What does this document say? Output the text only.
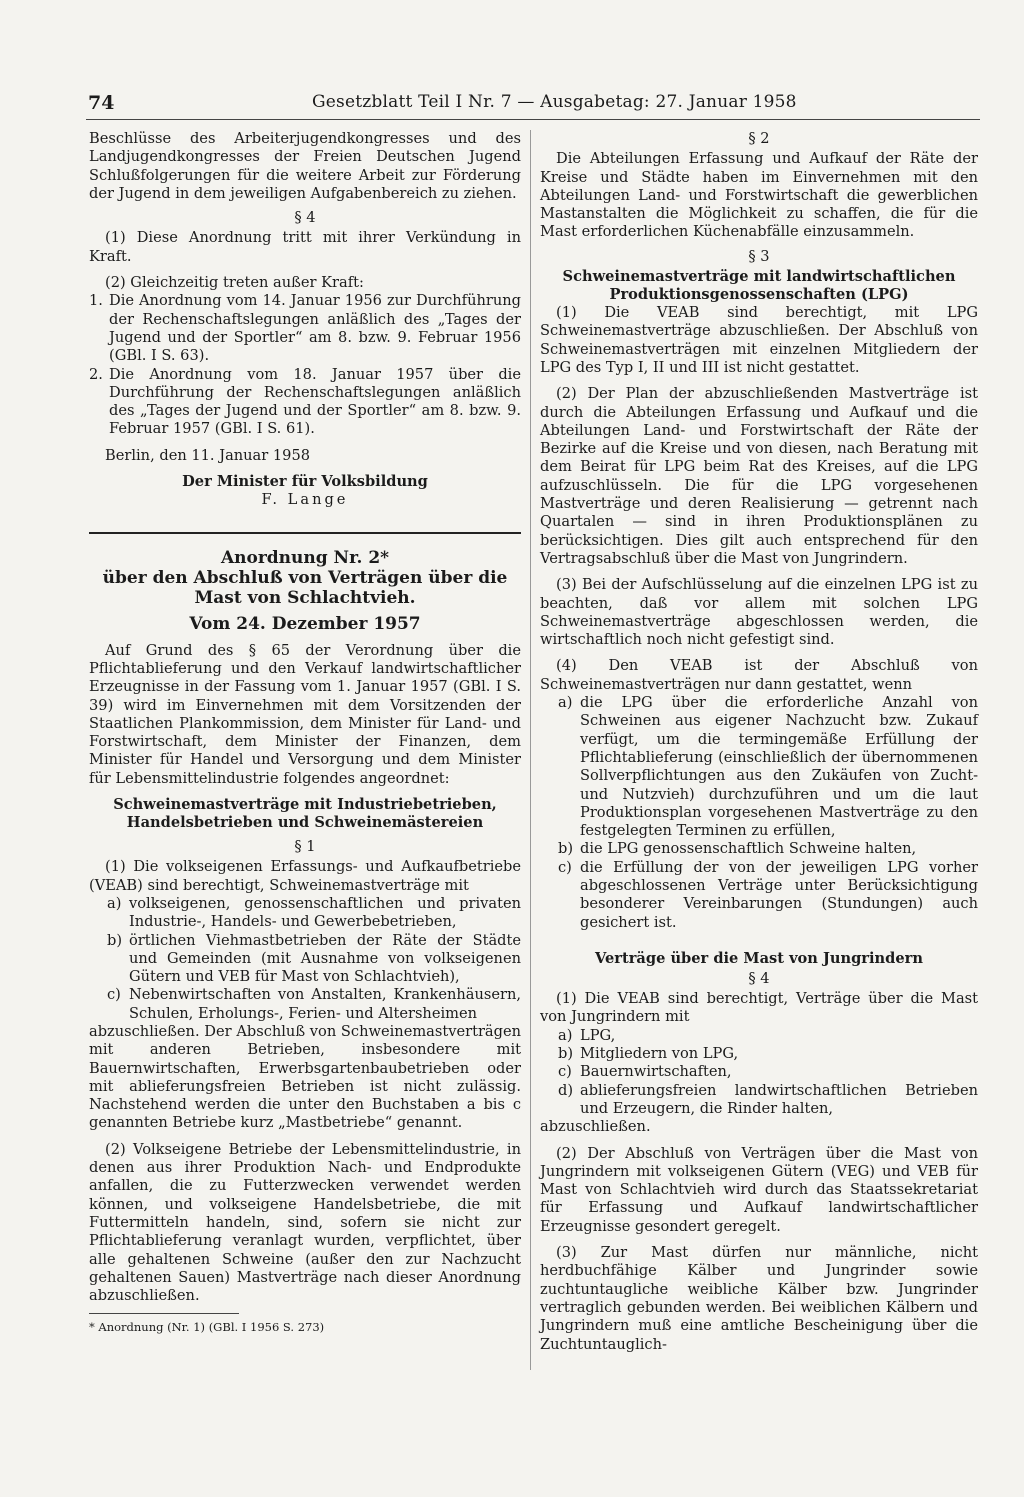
74	Gesetzblatt Teil I Nr. 7 — Ausgabetag: 27. Januar 1958

Beschlüsse des Arbeiterjugendkongresses und des Landjugendkongresses der Freien Deutschen Jugend Schlußfolgerungen für die weitere Arbeit zur Förderung der Jugend in dem jeweiligen Aufgabenbereich zu ziehen.

§ 4

(1) Diese Anordnung tritt mit ihrer Verkündung in Kraft.

(2) Gleichzeitig treten außer Kraft:

1. Die Anordnung vom 14. Januar 1956 zur Durchführung der Rechenschaftslegungen anläßlich des „Tages der Jugend und der Sportler“ am 8. bzw. 9. Februar 1956 (GBl. I S. 63).
2. Die Anordnung vom 18. Januar 1957 über die Durchführung der Rechenschaftslegungen anläßlich des „Tages der Jugend und der Sportler“ am 8. bzw. 9. Februar 1957 (GBl. I S. 61).

Berlin, den 11. Januar 1958

Der Minister für Volksbildung

F. Lange

Anordnung Nr. 2*
über den Abschluß von Verträgen über die Mast von Schlachtvieh.
Vom 24. Dezember 1957

Auf Grund des § 65 der Verordnung über die Pflichtablieferung und den Verkauf landwirtschaftlicher Erzeugnisse in der Fassung vom 1. Januar 1957 (GBl. I S. 39) wird im Einvernehmen mit dem Vorsitzenden der Staatlichen Plankommission, dem Minister für Land- und Forstwirtschaft, dem Minister der Finanzen, dem Minister für Handel und Versorgung und dem Minister für Lebensmittelindustrie folgendes angeordnet:

Schweinemastverträge mit Industriebetrieben, Handelsbetrieben und Schweinemästereien
§ 1

(1) Die volkseigenen Erfassungs- und Aufkaufbetriebe (VEAB) sind berechtigt, Schweinemastverträge mit

a) volkseigenen, genossenschaftlichen und privaten Industrie-, Handels- und Gewerbebetrieben,
b) örtlichen Viehmastbetrieben der Räte der Städte und Gemeinden (mit Ausnahme von volkseigenen Gütern und VEB für Mast von Schlachtvieh),
c) Nebenwirtschaften von Anstalten, Krankenhäusern, Schulen, Erholungs-, Ferien- und Altersheimen

abzuschließen. Der Abschluß von Schweinemastverträgen mit anderen Betrieben, insbesondere mit Bauernwirtschaften, Erwerbsgartenbaubetrieben oder mit ablieferungsfreien Betrieben ist nicht zulässig. Nachstehend werden die unter den Buchstaben a bis c genannten Betriebe kurz „Mastbetriebe“ genannt.

(2) Volkseigene Betriebe der Lebensmittelindustrie, in denen aus ihrer Produktion Nach- und Endprodukte anfallen, die zu Futterzwecken verwendet werden können, und volkseigene Handelsbetriebe, die mit Futtermitteln handeln, sind, sofern sie nicht zur Pflichtablieferung veranlagt wurden, verpflichtet, über alle gehaltenen Schweine (außer den zur Nachzucht gehaltenen Sauen) Mastverträge nach dieser Anordnung abzuschließen.

* Anordnung (Nr. 1) (GBl. I 1956 S. 273)
§ 2

Die Abteilungen Erfassung und Aufkauf der Räte der Kreise und Städte haben im Einvernehmen mit den Abteilungen Land- und Forstwirtschaft die gewerblichen Mastanstalten die Möglichkeit zu schaffen, die für die Mast erforderlichen Küchenabfälle einzusammeln.

§ 3
Schweinemastverträge mit landwirtschaftlichen Produktionsgenossenschaften (LPG)

(1) Die VEAB sind berechtigt, mit LPG Schweinemastverträge abzuschließen. Der Abschluß von Schweinemastverträgen mit einzelnen Mitgliedern der LPG des Typ I, II und III ist nicht gestattet.

(2) Der Plan der abzuschließenden Mastverträge ist durch die Abteilungen Erfassung und Aufkauf und die Abteilungen Land- und Forstwirtschaft der Räte der Bezirke auf die Kreise und von diesen, nach Beratung mit dem Beirat für LPG beim Rat des Kreises, auf die LPG aufzuschlüsseln. Die für die LPG vorgesehenen Mastverträge und deren Realisierung — getrennt nach Quartalen — sind in ihren Produktionsplänen zu berücksichtigen. Dies gilt auch entsprechend für den Vertragsabschluß über die Mast von Jungrindern.

(3) Bei der Aufschlüsselung auf die einzelnen LPG ist zu beachten, daß vor allem mit solchen LPG Schweinemastverträge abgeschlossen werden, die wirtschaftlich noch nicht gefestigt sind.

(4) Den VEAB ist der Abschluß von Schweinemastverträgen nur dann gestattet, wenn

a) die LPG über die erforderliche Anzahl von Schweinen aus eigener Nachzucht bzw. Zukauf verfügt, um die termingemäße Erfüllung der Pflichtablieferung (einschließlich der übernommenen Sollverpflichtungen aus den Zukäufen von Zucht- und Nutzvieh) durchzuführen und um die laut Produktionsplan vorgesehenen Mastverträge zu den festgelegten Terminen zu erfüllen,
b) die LPG genossenschaftlich Schweine halten,
c) die Erfüllung der von der jeweiligen LPG vorher abgeschlossenen Verträge unter Berücksichtigung besonderer Vereinbarungen (Stundungen) auch gesichert ist.
Verträge über die Mast von Jungrindern
§ 4

(1) Die VEAB sind berechtigt, Verträge über die Mast von Jungrindern mit

a) LPG,
b) Mitgliedern von LPG,
c) Bauernwirtschaften,
d) ablieferungsfreien landwirtschaftlichen Betrieben und Erzeugern, die Rinder halten,

abzuschließen.

(2) Der Abschluß von Verträgen über die Mast von Jungrindern mit volkseigenen Gütern (VEG) und VEB für Mast von Schlachtvieh wird durch das Staatssekretariat für Erfassung und Aufkauf landwirtschaftlicher Erzeugnisse gesondert geregelt.

(3) Zur Mast dürfen nur männliche, nicht herdbuchfähige Kälber und Jungrinder sowie zuchtuntaugliche weibliche Kälber bzw. Jungrinder vertraglich gebunden werden. Bei weiblichen Kälbern und Jungrindern muß eine amtliche Bescheinigung über die Zuchtuntauglich-
